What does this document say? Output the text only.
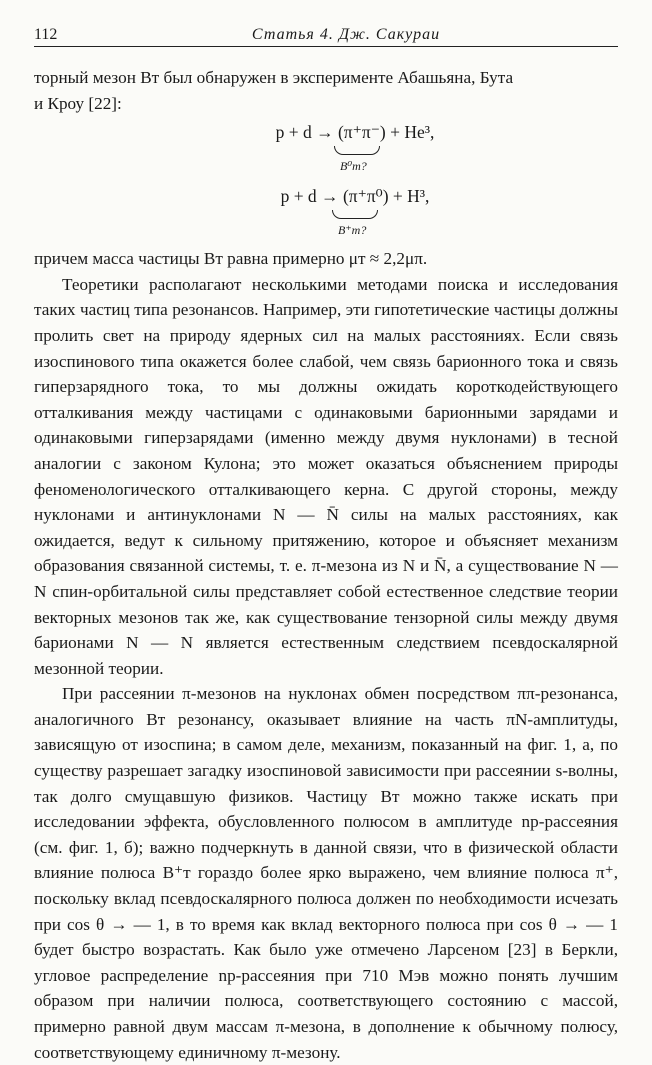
112	Статья 4. Дж. Сакураи

торный мезон Bт был обнаружен в эксперименте Абашьяна, Бута

и Кроу [22]:

p + d → (π⁺π⁻) + He³,
B⁰т?
p + d → (π⁺π⁰) + H³,
B⁺т?

причем масса частицы Bт равна примерно μт ≈ 2,2μπ.

Теоретики располагают несколькими методами поиска и исследования таких частиц типа резонансов. Например, эти гипотетические частицы должны пролить свет на природу ядерных сил на малых расстояниях. Если связь изоспинового типа окажется более слабой, чем связь барионного тока и связь гиперзарядного тока, то мы должны ожидать короткодействующего отталкивания между частицами с одинаковыми барионными зарядами и одинаковыми гиперзарядами (именно между двумя нуклонами) в тесной аналогии с законом Кулона; это может оказаться объяснением природы феноменологического отталкивающего керна. С другой стороны, между нуклонами и антинуклонами N — N̄ силы на малых расстояниях, как ожидается, ведут к сильному притяжению, которое и объясняет механизм образования связанной системы, т. е. π-мезона из N и N̄, а существование N — N спин-орбитальной силы представляет собой естественное следствие теории векторных мезонов так же, как существование тензорной силы между двумя барионами N — N является естественным следствием псевдоскалярной мезонной теории.

При рассеянии π-мезонов на нуклонах обмен посредством ππ-резонанса, аналогичного Bт резонансу, оказывает влияние на часть πN-амплитуды, зависящую от изоспина; в самом деле, механизм, показанный на фиг. 1, а, по существу разрешает загадку изоспиновой зависимости при рассеянии s-волны, так долго смущавшую физиков. Частицу Bт можно также искать при исследовании эффекта, обусловленного полюсом в амплитуде np-рассеяния (см. фиг. 1, б); важно подчеркнуть в данной связи, что в физической области влияние полюса B⁺т гораздо более ярко выражено, чем влияние полюса π⁺, поскольку вклад псевдоскалярного полюса должен по необходимости исчезать при cos θ → — 1, в то время как вклад векторного полюса при cos θ → — 1 будет быстро возрастать. Как было уже отмечено Ларсеном [23] в Беркли, угловое распределение np-рассеяния при 710 Мэв можно понять лучшим образом при наличии полюса, соответствующего состоянию с массой, примерно равной двум массам π-мезона, в дополнение к обычному полюсу, соответствующему единичному π-мезону.
